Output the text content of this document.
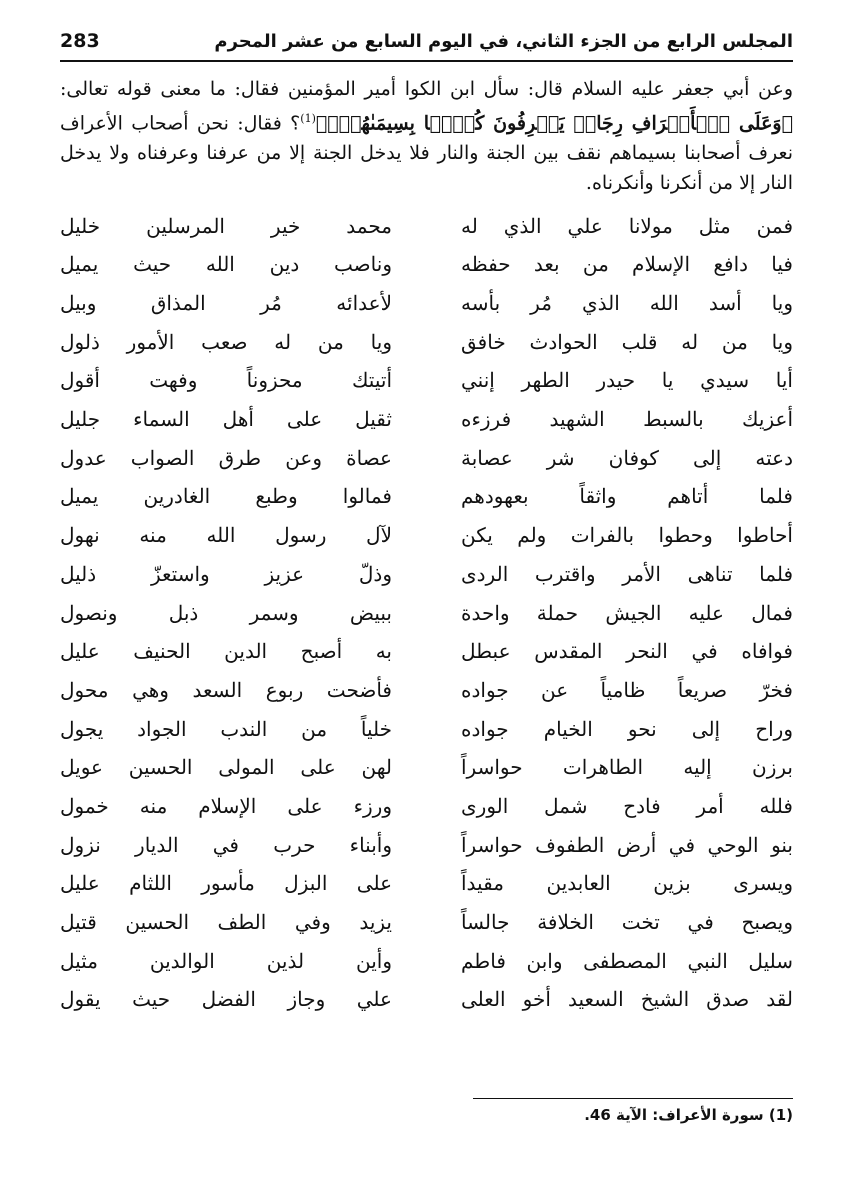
المجلس الرابع من الجزء الثاني، في اليوم السابع من عشر المحرم
283
وعن أبي جعفر عليه السلام قال: سأل ابن الكوا أمير المؤمنين فقال: ما معنى قوله تعالى: ﴿وَعَلَى ٱلۡأَعۡرَافِ رِجَالٞ يَعۡرِفُونَ كُلَّۢا بِسِيمَىٰهُمۡۚ﴾$^{(1)}$؟ فقال: نحن أصحاب الأعراف نعرف أصحابنا بسيماهم نقف بين الجنة والنار فلا يدخل الجنة إلا من عرفنا وعرفناه ولا يدخل النار إلا من أنكرنا وأنكرناه.
فمن مثل مولانا علي الذي له
محمد خير المرسلين خليل
فيا دافع الإسلام من بعد حفظه
وناصب دين الله حيث يميل
ويا أسد الله الذي مُر بأسه
لأعدائه مُر المذاق وبيل
ويا من له قلب الحوادث خافق
ويا من له صعب الأمور ذلول
أيا سيدي يا حيدر الطهر إنني
أتيتك محزوناً وفهت أقول
أعزيك بالسبط الشهيد فرزءه
ثقيل على أهل السماء جليل
دعته إلى كوفان شر عصابة
عصاة وعن طرق الصواب عدول
فلما أتاهم واثقاً بعهودهم
فمالوا وطبع الغادرين يميل
أحاطوا وحطوا بالفرات ولم يكن
لآل رسول الله منه نهول
فلما تناهى الأمر واقترب الردى
وذلّ عزيز واستعزّ ذليل
فمال عليه الجيش حملة واحدة
ببيض وسمر ذبل ونصول
فوافاه في النحر المقدس عبطل
به أصبح الدين الحنيف عليل
فخرّ صريعاً ظامياً عن جواده
فأضحت ربوع السعد وهي محول
وراح إلى نحو الخيام جواده
خلياً من الندب الجواد يجول
برزن إليه الطاهرات حواسراً
لهن على المولى الحسين عويل
فلله أمر فادح شمل الورى
ورزء على الإسلام منه خمول
بنو الوحي في أرض الطفوف حواسراً
وأبناء حرب في الديار نزول
ويسرى بزين العابدين مقيداً
على البزل مأسور اللثام عليل
ويصبح في تخت الخلافة جالساً
يزيد وفي الطف الحسين قتيل
سليل النبي المصطفى وابن فاطم
وأين لذين الوالدين مثيل
لقد صدق الشيخ السعيد أخو العلى
علي وجاز الفضل حيث يقول
(1) سورة الأعراف: الآية 46.
